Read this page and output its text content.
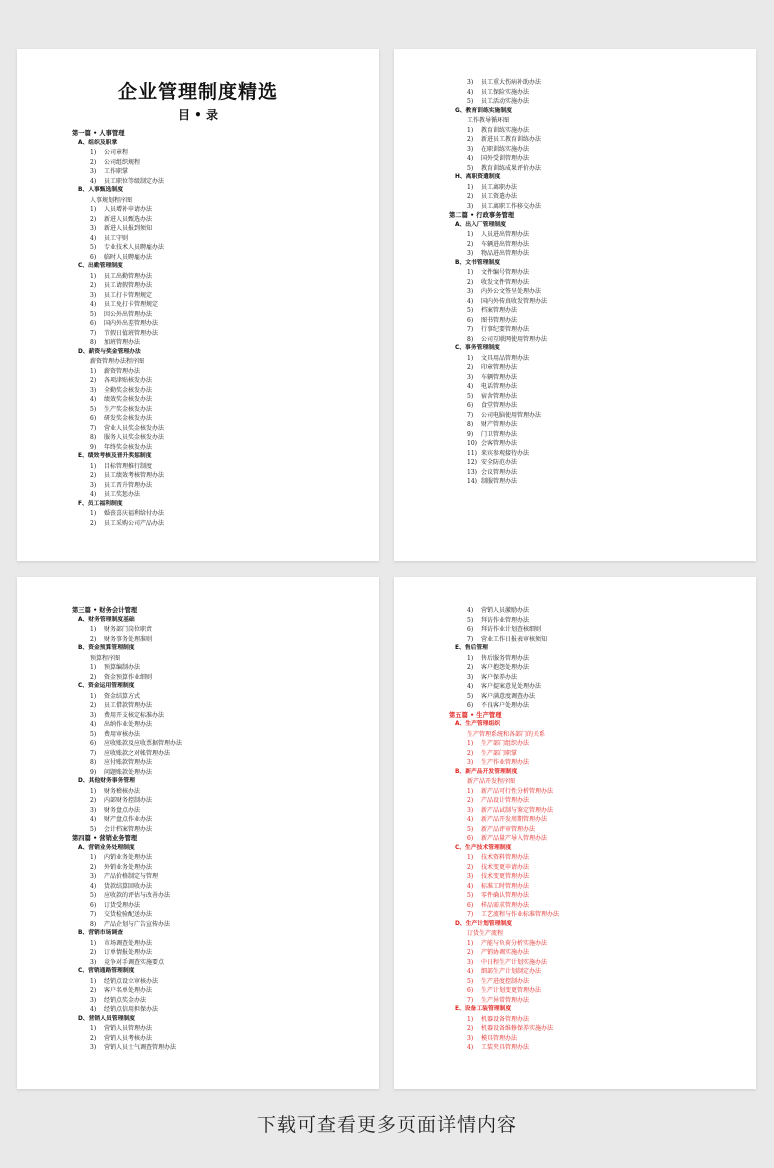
企业管理制度精选
目 • 录
第一篇 • 人事管理
A、组织及职掌
1) 公司章程
2) 公司组织规程
3) 工作职掌
4) 员工职位等级制定办法
B、人事甄选制度
人事规划程序图
1) 人员增补申请办法
2) 新进人员甄选办法
3) 新进人员报到须知
4) 员工守则
5) 专业技术人员聘雇办法
6) 临时人员聘雇办法
C、出勤管理制度
1) 员工出勤管理办法
2) 员工请假管理办法
3) 员工打卡管理规定
4) 员工免打卡管理规定
5) 因公外出管理办法
6) 国内外出差管理办法
7) 节假日值班管理办法
8) 加班管理办法
D、薪资与奖金管理办法
薪资管理办法程序图
1) 薪资管理办法
2) 各项津贴核发办法
3) 全勤奖金核发办法
4) 绩效奖金核发办法
5) 生产奖金核发办法
6) 研发奖金核发办法
7) 营业人员奖金核发办法
8) 服务人员奖金核发办法
9) 年终奖金核发办法
E、绩效考核及晋升奖惩制度
1) 目标管理推行制度
2) 员工绩效考核管理办法
3) 员工晋升管理办法
4) 员工奖惩办法
F、员工福利制度
1) 婚丧喜庆福利给付办法
2) 员工采购公司产品办法
3) 员工重大伤病补助办法
4) 员工保险实施办法
5) 员工活动实施办法
G、教育训练实施制度
工作教导循环图
1) 教育训练实施办法
2) 新进员工教育训练办法
3) 在职训练实施办法
4) 国外受训管理办法
5) 教育训练成果评价办法
H、离职资遣制度
1) 员工离职办法
2) 员工资遣办法
3) 员工离职工作移交办法
第二篇 • 行政事务管理
A、出入厂管理制度
1) 人员进出管理办法
2) 车辆进出管理办法
3) 物品进出管理办法
B、文书管理制度
1) 文件编号管理办法
2) 收发文件管理办法
3) 内外公文签呈处理办法
4) 国内外传真收发管理办法
5) 档案管理办法
6) 图书管理办法
7) 行事纪要管理办法
8) 公司互联网使用管理办法
C、事务管理制度
1) 文具用品管理办法
2) 印章管理办法
3) 车辆管理办法
4) 电话管理办法
5) 宿舍管理办法
6) 食堂管理办法
7) 公司电脑使用管理办法
8) 财产管理办法
9) 门卫管理办法
10) 会客管理办法
11) 来宾参观接待办法
12) 安全防范办法
13) 会议管理办法
14) 制服管理办法
第三篇 • 财务会计管理
A、财务管理制度基础
1) 财务部门岗位职责
2) 财务事务处理准则
B、资金预算管理制度
预算程序图
1) 预算编制办法
2) 资金预算作业细则
C、资金运用管理制度
1) 资金结算方式
2) 员工借款管理办法
3) 费用开支核定标准办法
4) 出纳作业处理办法
5) 费用审核办法
6) 应收账款及应收票据管理办法
7) 应收账款之对帐管理办法
8) 应付账款管理办法
9) 问题账款处理办法
D、其他财务事务管理
1) 财务稽核办法
2) 内部财务控制办法
3) 财务盘点办法
4) 财产盘点作业办法
5) 会计档案管理办法
第四篇 • 营销业务管理
A、营销业务处理制度
1) 内销业务处理办法
2) 外销业务处理办法
3) 产品价格制定与管理
4) 货款结算回收办法
5) 应收款的评估与改善办法
6) 订货受理办法
7) 交货检验配送办法
8) 产品企划与广告宣传办法
B、营销市场调查
1) 市场调查处理办法
2) 订单情报处理办法
3) 竞争对手调查实施要点
C、营销通路管理制度
1) 经销点设立审核办法
2) 客户名单处理办法
3) 经销点奖金办法
4) 经销点信用担保办法
D、营销人员管理制度
1) 营销人员管理办法
2) 营销人员考核办法
3) 营销人员士气调查管理办法
4) 营销人员激励办法
5) 拜访作业管理办法
6) 拜访作业计划查核细则
7) 营业工作日报表审核须知
E、售后管理
1) 售后服务管理办法
2) 客户抱怨处理办法
3) 客户保养办法
4) 客户提案意见处理办法
5) 客户满意度调查办法
6) 不良客户处理办法
第五篇 • 生产管理
A、生产管理组织
生产管理系统和各部门的关系
1) 生产部门组织办法
2) 生产部门职掌
3) 生产作业管理办法
B、新产品开发管理制度
新产品开发程序图
1) 新产品可行性分析管理办法
2) 产品设计管理办法
3) 新产品试制与鉴定管理办法
4) 新产品开发周期管理办法
5) 新产品评审管理办法
6) 新产品量产导入管理办法
C、生产技术管理制度
1) 技术资料管理办法
2) 技术变更申请办法
3) 技术变更管理办法
4) 标准工时管理办法
5) 零件确认管理办法
6) 样品需求管理办法
7) 工艺流程与作业标准管理办法
D、生产计划管理制度
订货生产流程
1) 产能与负荷分析实施办法
2) 产销协调实施办法
3) 中日程生产计划实施办法
4) 细部生产计划制定办法
5) 生产进度控制办法
6) 生产计划变更管理办法
7) 生产异常管理办法
E、设备工装管理制度
1) 机器设备管理办法
2) 机器设备维修保养实施办法
3) 模具管理办法
4) 工装夹具管理办法
下载可查看更多页面详情内容
